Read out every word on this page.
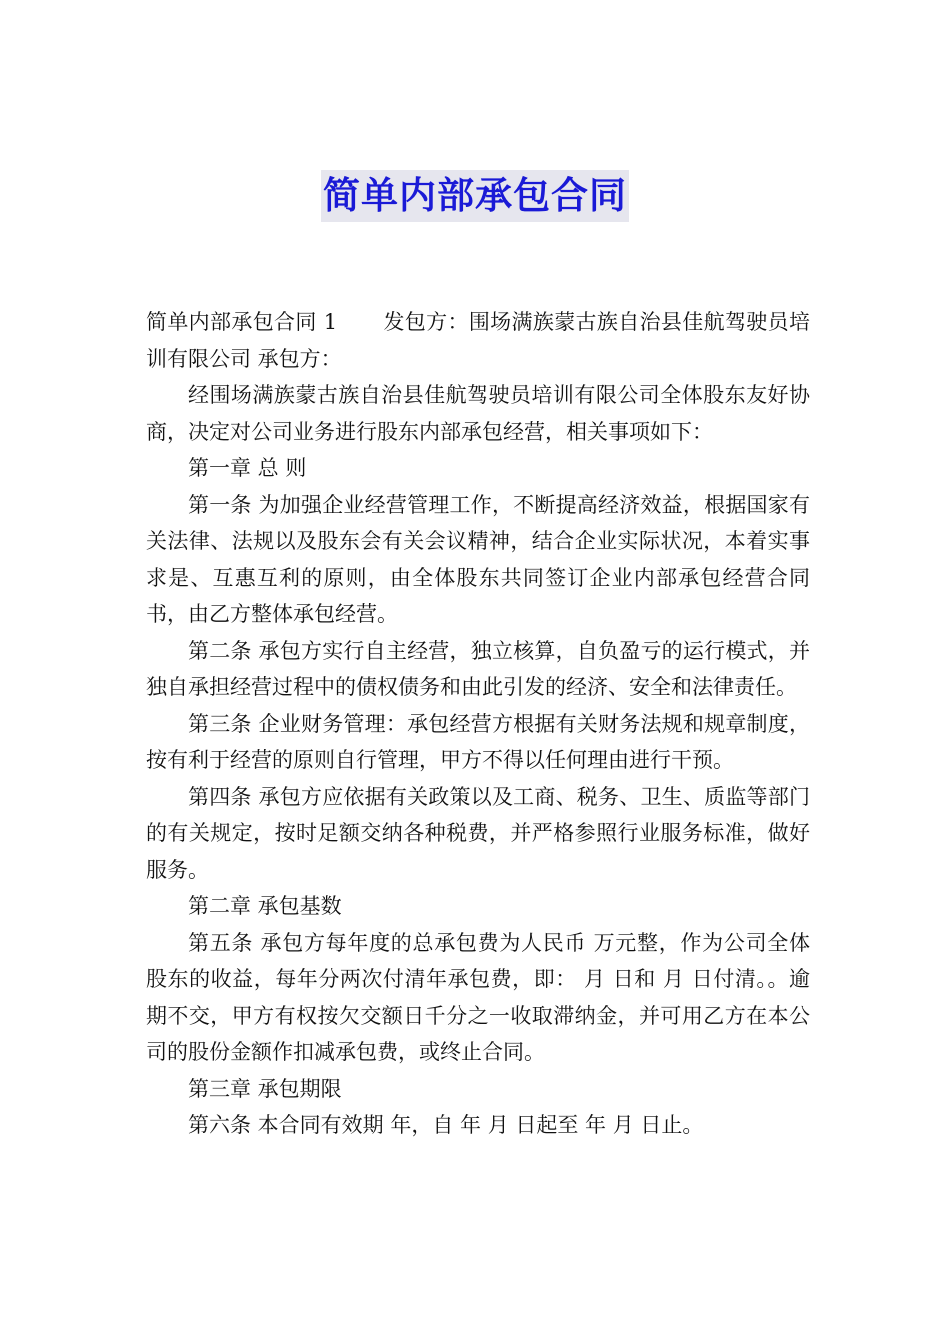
简单内部承包合同

简单内部承包合同 1 发包方：围场满族蒙古族自治县佳航驾驶员培训有限公司 承包方：

经围场满族蒙古族自治县佳航驾驶员培训有限公司全体股东友好协商，决定对公司业务进行股东内部承包经营，相关事项如下：

第一章 总 则

第一条 为加强企业经营管理工作，不断提高经济效益，根据国家有关法律、法规以及股东会有关会议精神，结合企业实际状况，本着实事求是、互惠互利的原则，由全体股东共同签订企业内部承包经营合同书，由乙方整体承包经营。

第二条 承包方实行自主经营，独立核算，自负盈亏的运行模式，并独自承担经营过程中的债权债务和由此引发的经济、安全和法律责任。

第三条 企业财务管理：承包经营方根据有关财务法规和规章制度，按有利于经营的原则自行管理，甲方不得以任何理由进行干预。

第四条 承包方应依据有关政策以及工商、税务、卫生、质监等部门的有关规定，按时足额交纳各种税费，并严格参照行业服务标准，做好服务。

第二章 承包基数

第五条 承包方每年度的总承包费为人民币 万元整，作为公司全体股东的收益，每年分两次付清年承包费，即： 月 日和 月 日付清。。逾期不交，甲方有权按欠交额日千分之一收取滞纳金，并可用乙方在本公司的股份金额作扣减承包费，或终止合同。

第三章 承包期限

第六条 本合同有效期 年，自 年 月 日起至 年 月 日止。
